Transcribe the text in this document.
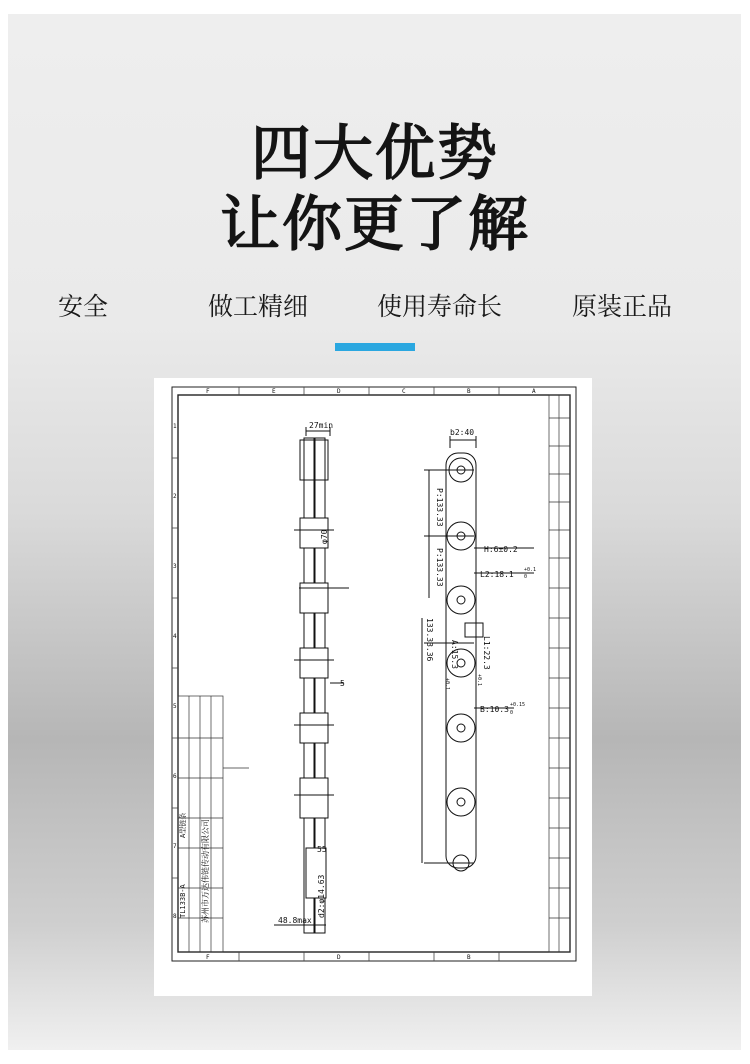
四大优势
让你更了解
安全	做工精细	使用寿命长	原装正品
F	E	D	C	B	A
F	D	B
1
2
3
4
5
6
7
8	苏州市万达伟链传动有限公司
TL133B-A
A型链条
27min
φ70
5
55
d2:φ14.63
48.8max
b2:40
P:133.33
P:133.33	H:6±0.2
L2:18.1 +0.1
0
133.33.36 A:15.3
+0.1
L1:22.3
+0.1
B:10.3 +0.15
0
